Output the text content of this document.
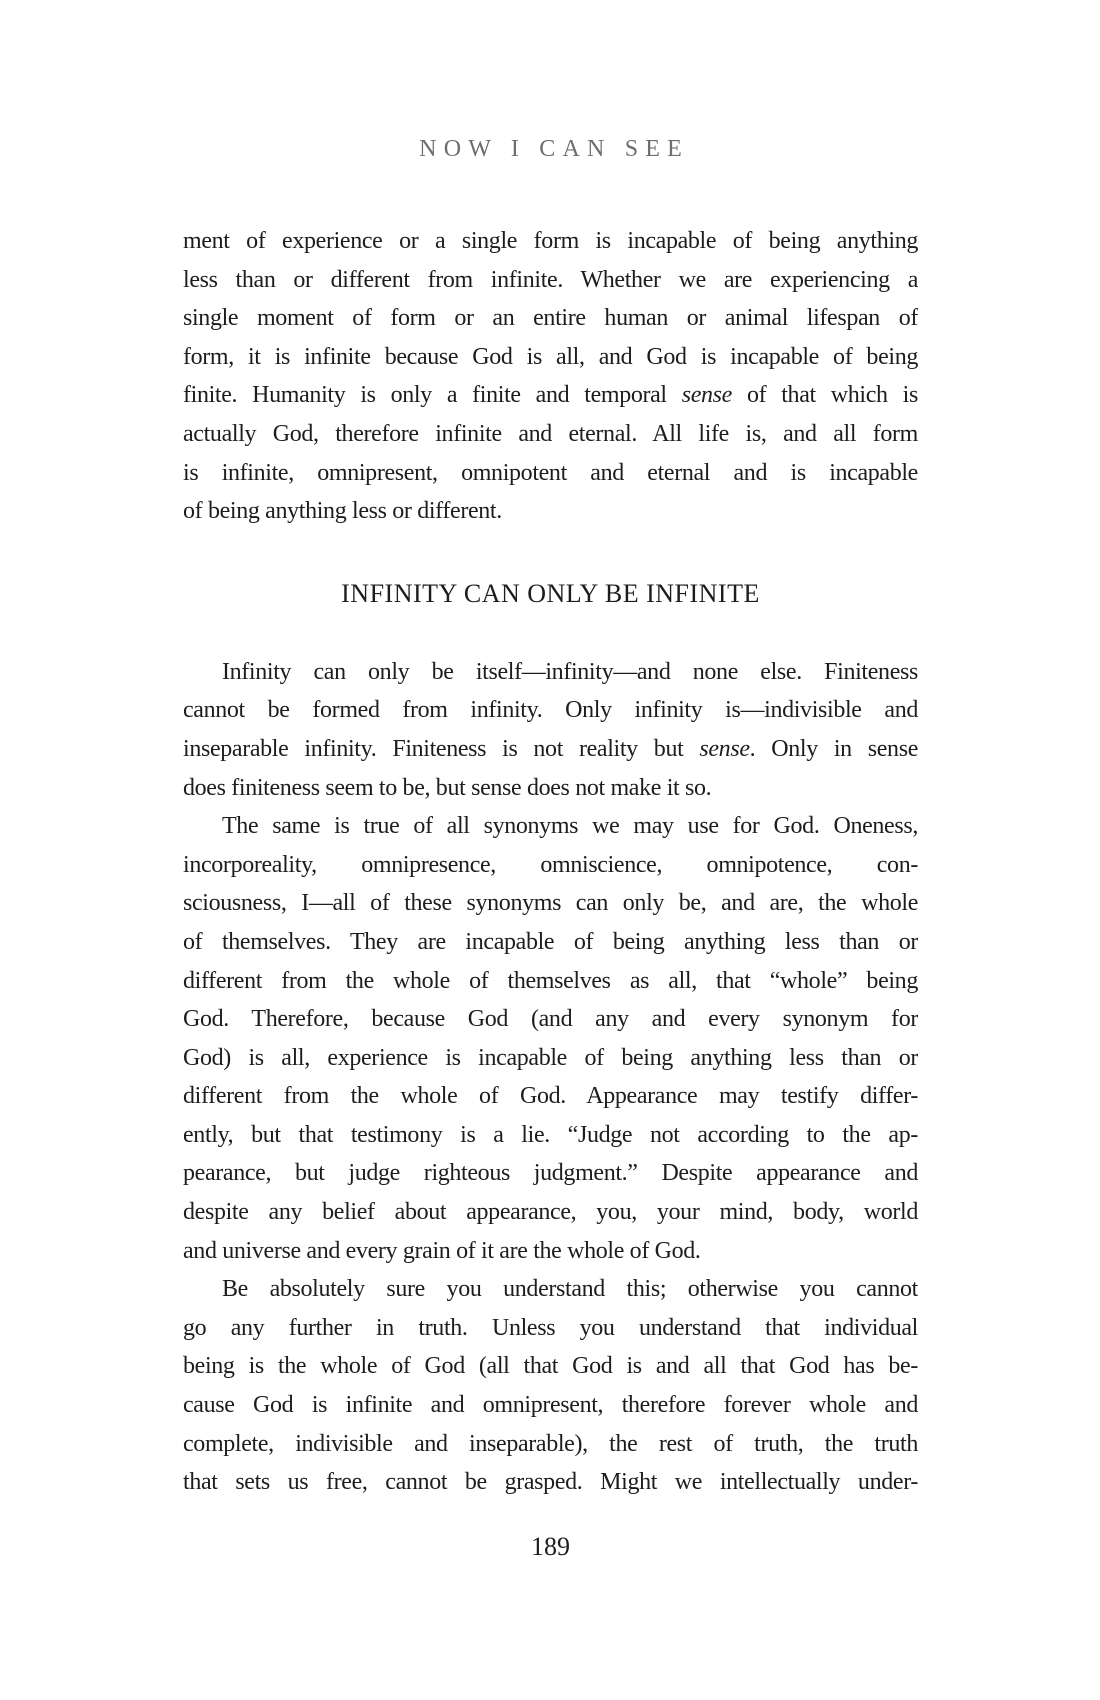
NOW I CAN SEE
ment of experience or a single form is incapable of being anything
less than or different from infinite. Whether we are experiencing a
single moment of form or an entire human or animal lifespan of
form, it is infinite because God is all, and God is incapable of being
finite. Humanity is only a finite and temporal sense of that which is
actually God, therefore infinite and eternal. All life is, and all form
is infinite, omnipresent, omnipotent and eternal and is incapable
of being anything less or different.
INFINITY CAN ONLY BE INFINITE
Infinity can only be itself—infinity—and none else. Finiteness
cannot be formed from infinity. Only infinity is—indivisible and
inseparable infinity. Finiteness is not reality but sense. Only in sense
does finiteness seem to be, but sense does not make it so.
The same is true of all synonyms we may use for God. Oneness,
incorporeality, omnipresence, omniscience, omnipotence, con-
sciousness, I—all of these synonyms can only be, and are, the whole
of themselves. They are incapable of being anything less than or
different from the whole of themselves as all, that “whole” being
God. Therefore, because God (and any and every synonym for
God) is all, experience is incapable of being anything less than or
different from the whole of God. Appearance may testify differ-
ently, but that testimony is a lie. “Judge not according to the ap-
pearance, but judge righteous judgment.” Despite appearance and
despite any belief about appearance, you, your mind, body, world
and universe and every grain of it are the whole of God.
Be absolutely sure you understand this; otherwise you cannot
go any further in truth. Unless you understand that individual
being is the whole of God (all that God is and all that God has be-
cause God is infinite and omnipresent, therefore forever whole and
complete, indivisible and inseparable), the rest of truth, the truth
that sets us free, cannot be grasped. Might we intellectually under-
189
